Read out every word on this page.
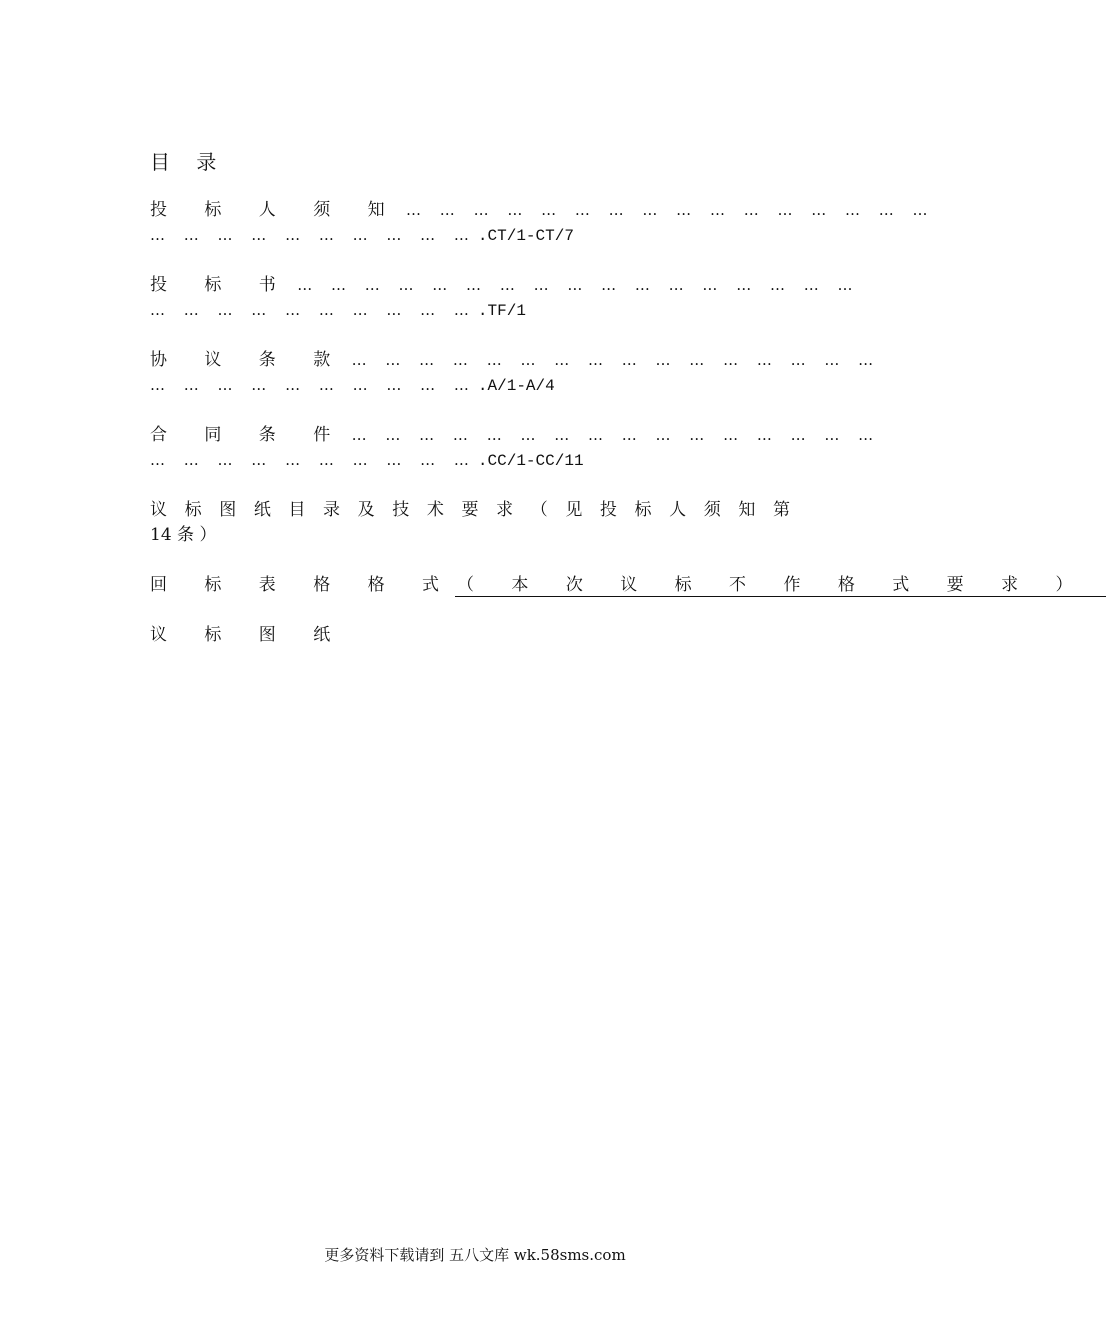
目 录
投 标 人 须 知 … … … … … … … … … … … … … … … …
… … … … … … … … … … .CT/1-CT/7
投 标 书 … … … … … … … … … … … … … … … … …
… … … … … … … … … … .TF/1
协 议 条 款 … … … … … … … … … … … … … … … …
… … … … … … … … … … .A/1-A/4
合 同 条 件 … … … … … … … … … … … … … … … …
… … … … … … … … … … .CC/1-CC/11
议 标 图 纸 目 录 及 技 术 要 求 （ 见 投 标 人 须 知 第
14 条 ）
回 标 表 格 格 式 （ 本 次 议 标 不 作 格 式 要 求 ）
议 标 图 纸
更多资料下载请到 五八文库 wk.58sms.com
